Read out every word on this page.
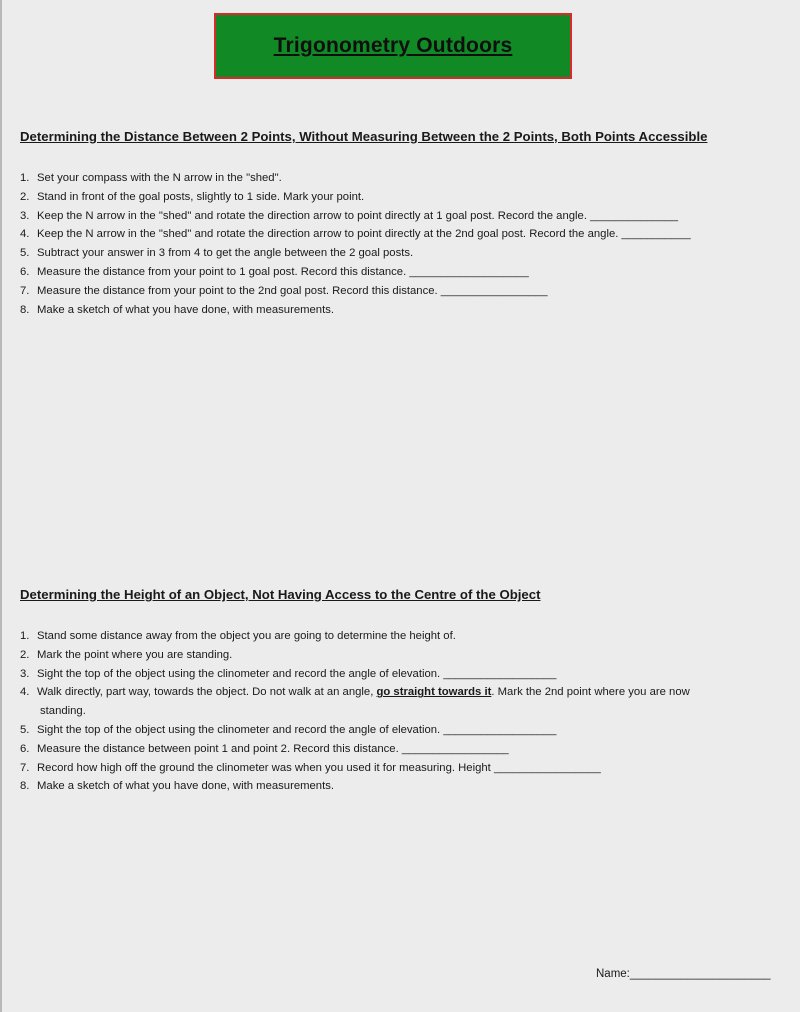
Trigonometry Outdoors
Determining the Distance Between 2 Points, Without Measuring Between the 2 Points, Both Points Accessible
1. Set your compass with the N arrow in the "shed".
2. Stand in front of the goal posts, slightly to 1 side. Mark your point.
3. Keep the N arrow in the "shed" and rotate the direction arrow to point directly at 1 goal post. Record the angle. ______________
4. Keep the N arrow in the "shed" and rotate the direction arrow to point directly at the 2nd goal post. Record the angle. ___________
5. Subtract your answer in 3 from 4 to get the angle between the 2 goal posts.
6. Measure the distance from your point to 1 goal post. Record this distance. ___________________
7. Measure the distance from your point to the 2nd goal post. Record this distance. _________________
8. Make a sketch of what you have done, with measurements.
Determining the Height of an Object, Not Having Access to the Centre of the Object
1. Stand some distance away from the object you are going to determine the height of.
2. Mark the point where you are standing.
3. Sight the top of the object using the clinometer and record the angle of elevation. __________________
4. Walk directly, part way, towards the object. Do not walk at an angle, go straight towards it. Mark the 2nd point where you are now
standing.
5. Sight the top of the object using the clinometer and record the angle of elevation. __________________
6. Measure the distance between point 1 and point 2. Record this distance. _________________
7. Record how high off the ground the clinometer was when you used it for measuring. Height _________________
8. Make a sketch of what you have done, with measurements.
Name:______________________
